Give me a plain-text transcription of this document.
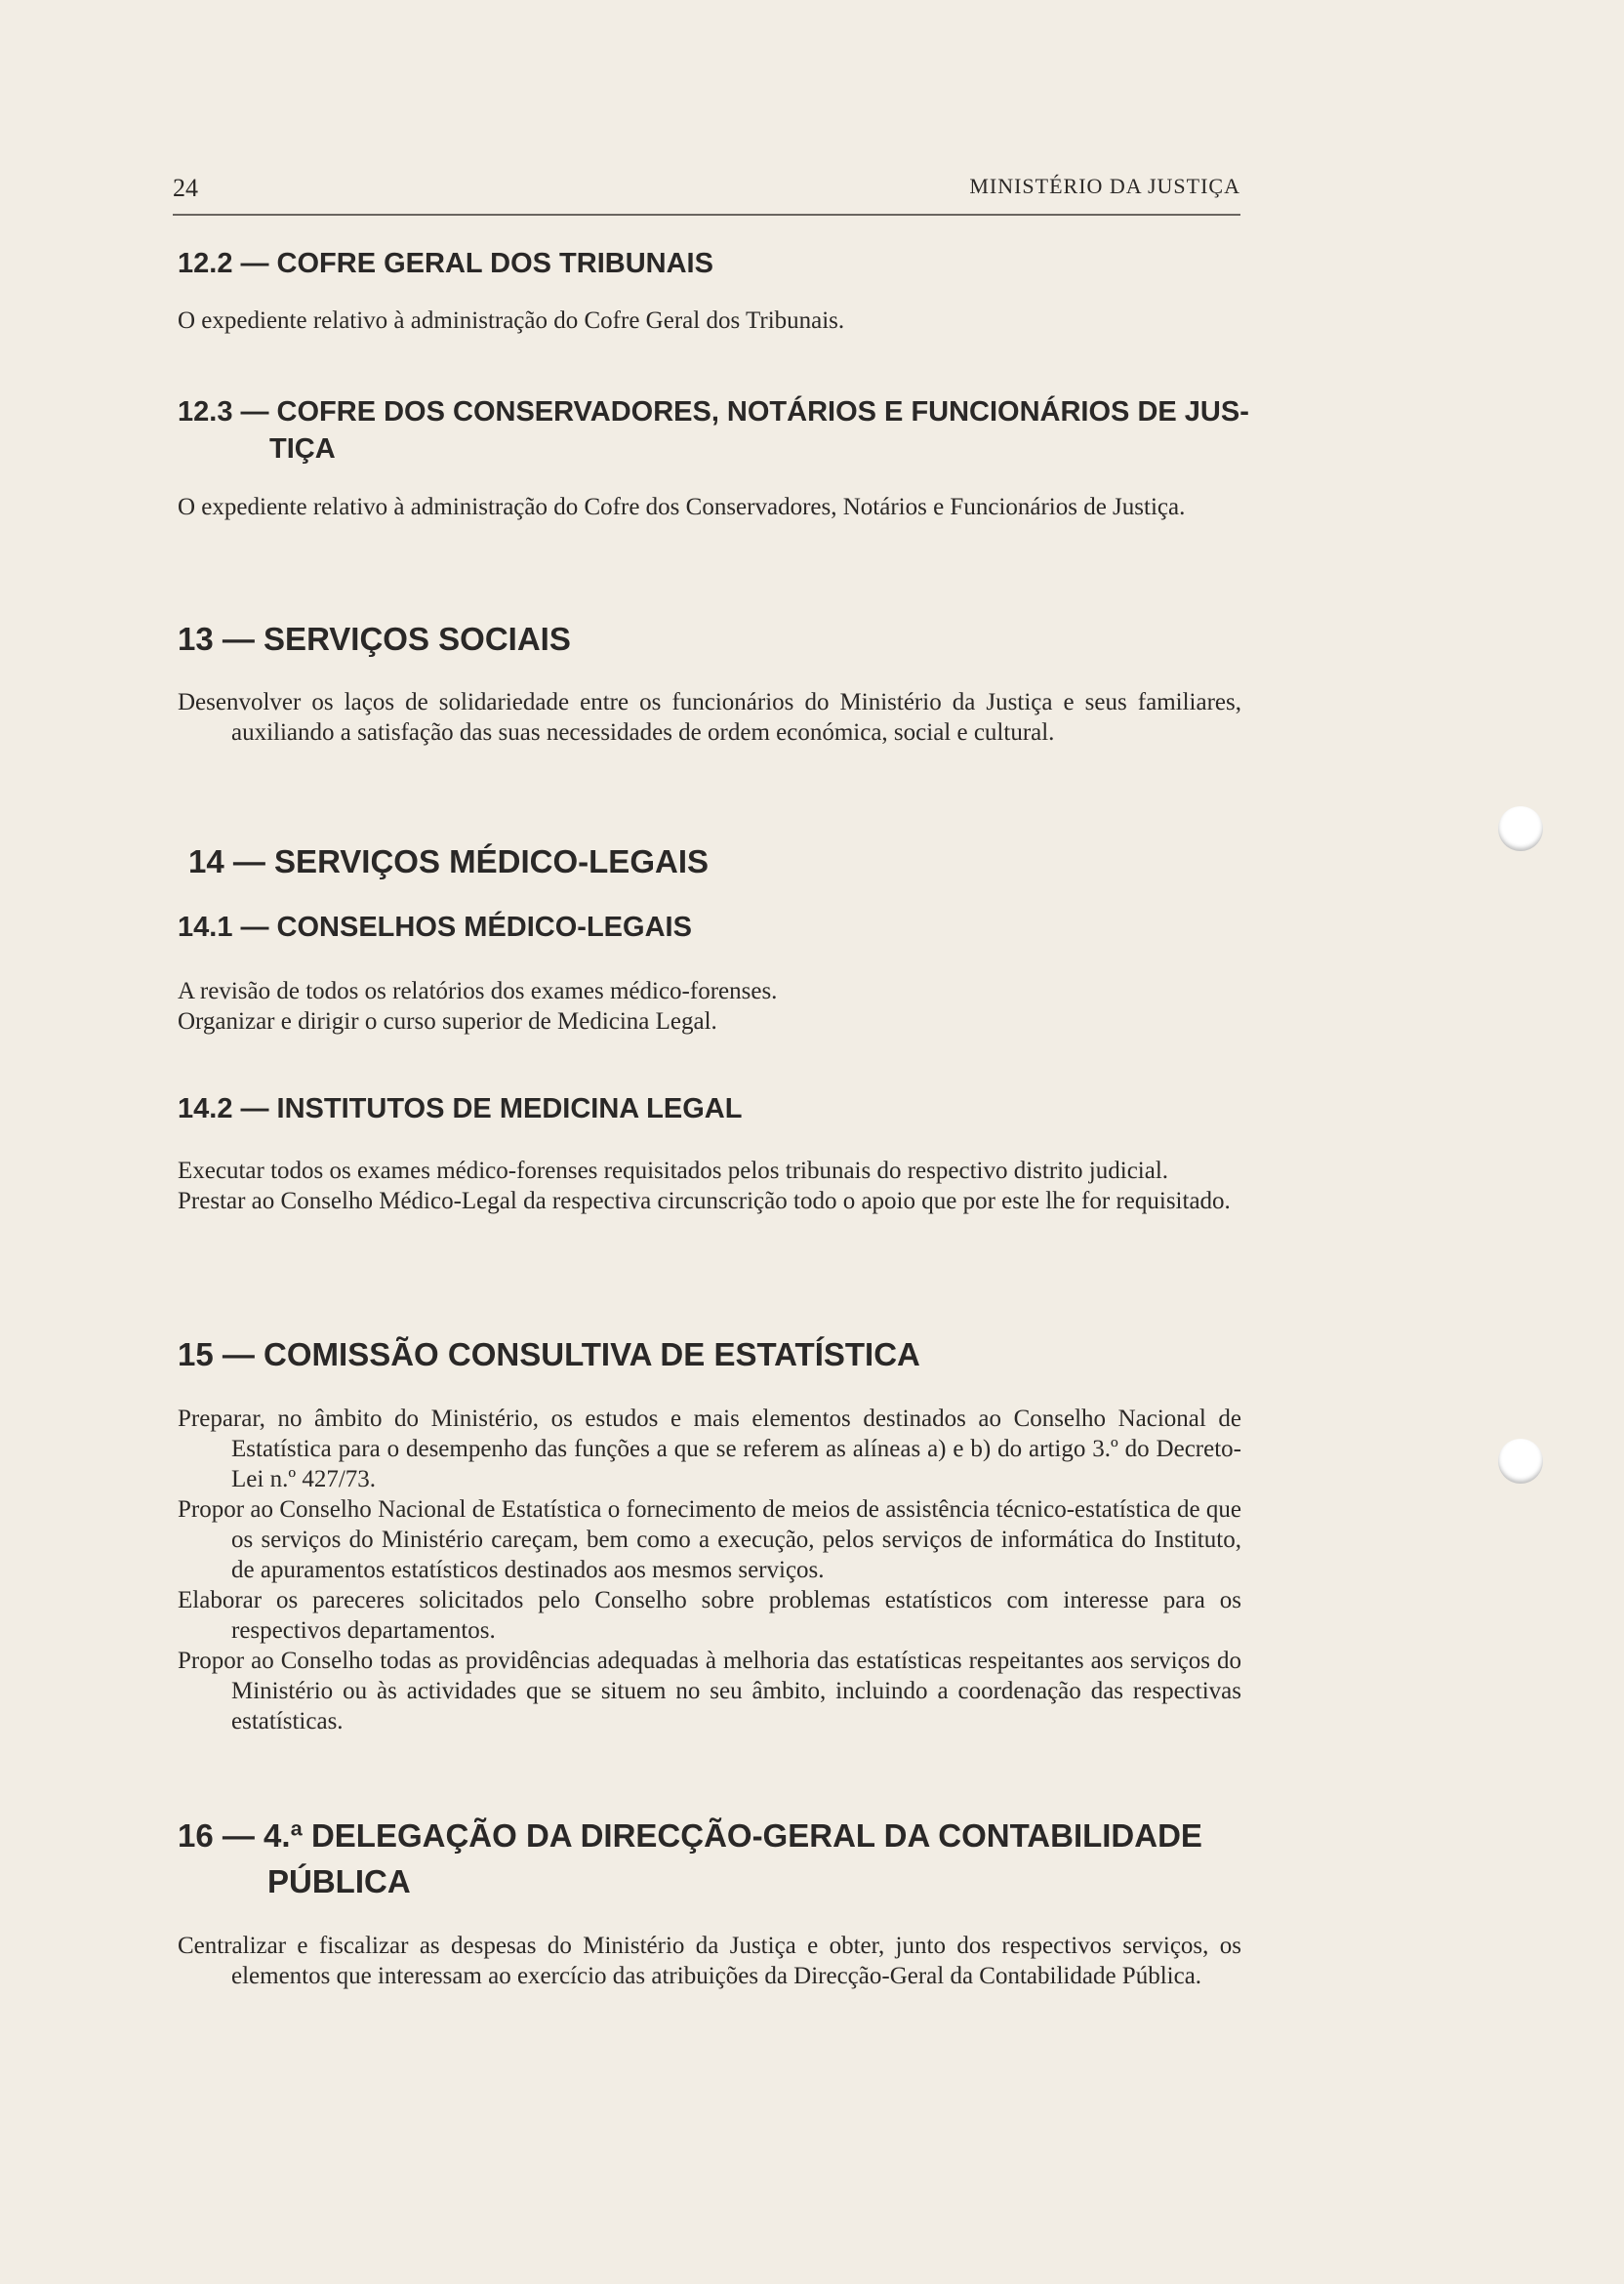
24	MINISTÉRIO DA JUSTIÇA
12.2 — COFRE GERAL DOS TRIBUNAIS
O expediente relativo à administração do Cofre Geral dos Tribunais.
12.3 — COFRE DOS CONSERVADORES, NOTÁRIOS E FUNCIONÁRIOS DE JUS-
TIÇA
O expediente relativo à administração do Cofre dos Conservadores, Notários e Funcionários de Justiça.
13 — SERVIÇOS SOCIAIS
Desenvolver os laços de solidariedade entre os funcionários do Ministério da Justiça e seus familiares, auxiliando a satisfação das suas necessidades de ordem económica, social e cultural.
14 — SERVIÇOS MÉDICO-LEGAIS
14.1 — CONSELHOS MÉDICO-LEGAIS
A revisão de todos os relatórios dos exames médico-forenses.
Organizar e dirigir o curso superior de Medicina Legal.
14.2 — INSTITUTOS DE MEDICINA LEGAL
Executar todos os exames médico-forenses requisitados pelos tribunais do respectivo distrito judicial.
Prestar ao Conselho Médico-Legal da respectiva circunscrição todo o apoio que por este lhe for requisitado.
15 — COMISSÃO CONSULTIVA DE ESTATÍSTICA
Preparar, no âmbito do Ministério, os estudos e mais elementos destinados ao Conselho Nacional de Estatística para o desempenho das funções a que se referem as alíneas a) e b) do artigo 3.º do Decreto-Lei n.º 427/73.
Propor ao Conselho Nacional de Estatística o fornecimento de meios de assistência técnico-estatística de que os serviços do Ministério careçam, bem como a execução, pelos serviços de informática do Instituto, de apuramentos estatísticos destinados aos mesmos serviços.
Elaborar os pareceres solicitados pelo Conselho sobre problemas estatísticos com interesse para os respectivos departamentos.
Propor ao Conselho todas as providências adequadas à melhoria das estatísticas respeitantes aos serviços do Ministério ou às actividades que se situem no seu âmbito, incluindo a coordenação das respectivas estatísticas.
16 — 4.ª DELEGAÇÃO DA DIRECÇÃO-GERAL DA CONTABILIDADE
PÚBLICA
Centralizar e fiscalizar as despesas do Ministério da Justiça e obter, junto dos respectivos serviços, os elementos que interessam ao exercício das atribuições da Direcção-Geral da Contabilidade Pública.
